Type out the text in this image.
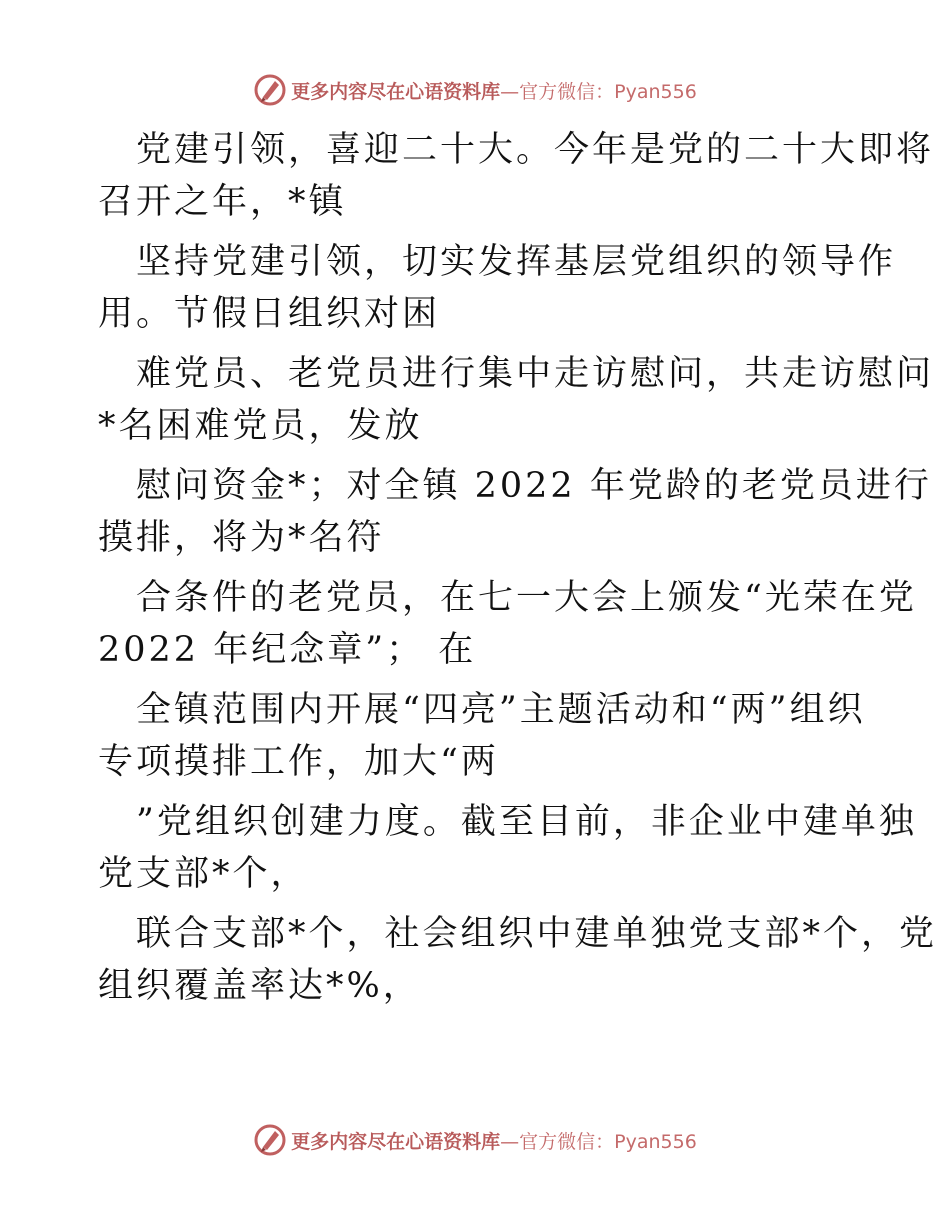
更多内容尽在心语资料库—官方微信：Pyan556

党建引领，喜迎二十大。今年是党的二十大即将
召开之年，*镇

坚持党建引领，切实发挥基层党组织的领导作
用。节假日组织对困

难党员、老党员进行集中走访慰问，共走访慰问
*名困难党员，发放

慰问资金*；对全镇 2022 年党龄的老党员进行
摸排，将为*名符

合条件的老党员，在七一大会上颁发“光荣在党
2022 年纪念章”； 在

全镇范围内开展“四亮”主题活动和“两”组织
专项摸排工作，加大“两

”党组织创建力度。截至目前，非企业中建单独
党支部*个，

联合支部*个，社会组织中建单独党支部*个，党
组织覆盖率达*%，

更多内容尽在心语资料库—官方微信：Pyan556
